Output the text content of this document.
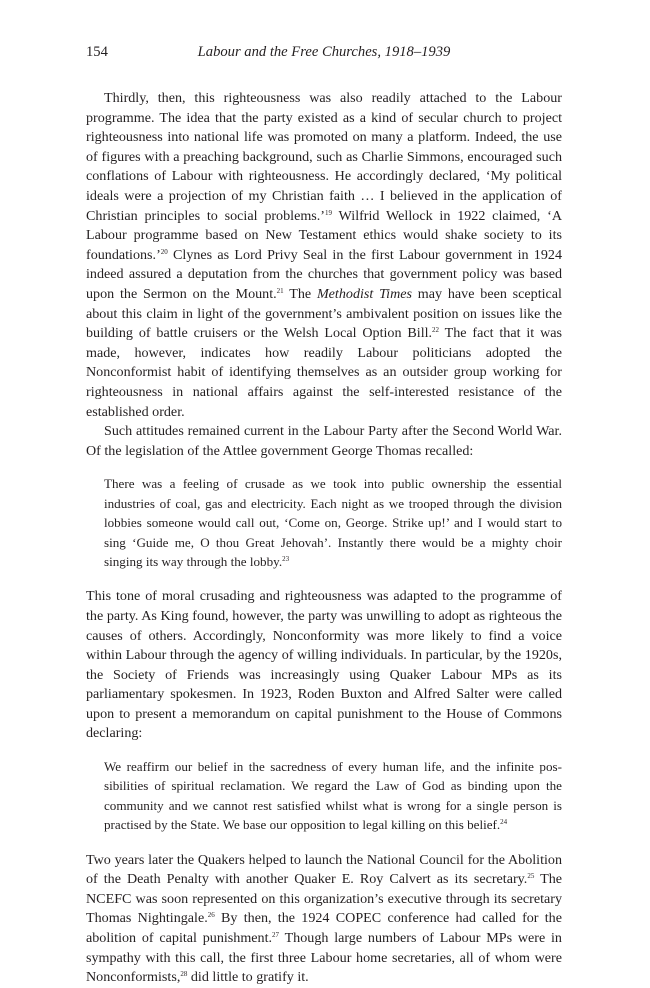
154	Labour and the Free Churches, 1918–1939

Thirdly, then, this righteousness was also readily attached to the Labour programme. The idea that the party existed as a kind of secular church to project righteousness into national life was promoted on many a platform. Indeed, the use of figures with a preaching background, such as Charlie Simmons, encouraged such conflations of Labour with righteousness. He accordingly declared, ‘My political ideals were a projection of my Christian faith … I believed in the application of Christian principles to social problems.’$^{19}$ Wilfrid Wellock in 1922 claimed, ‘A Labour programme based on New Testament ethics would shake society to its foundations.’$^{20}$ Clynes as Lord Privy Seal in the first Labour government in 1924 indeed assured a deputation from the churches that government policy was based upon the Sermon on the Mount.$^{21}$ The Methodist Times may have been sceptical about this claim in light of the government’s ambivalent position on issues like the building of battle cruisers or the Welsh Local Option Bill.$^{22}$ The fact that it was made, however, indicates how readily Labour politicians adopted the Nonconformist habit of identifying themselves as an outsider group working for righteousness in national affairs against the self-interested resistance of the established order.

Such attitudes remained current in the Labour Party after the Second World War. Of the legislation of the Attlee government George Thomas recalled:

There was a feeling of crusade as we took into public ownership the essential industries of coal, gas and electricity. Each night as we trooped through the division lobbies someone would call out, ‘Come on, George. Strike up!’ and I would start to sing ‘Guide me, O thou Great Jehovah’. Instantly there would be a mighty choir singing its way through the lobby.$^{23}$

This tone of moral crusading and righteousness was adapted to the programme of the party. As King found, however, the party was unwilling to adopt as righteous the causes of others. Accordingly, Nonconformity was more likely to find a voice within Labour through the agency of willing individuals. In particular, by the 1920s, the Society of Friends was increasingly using Quaker Labour MPs as its parliamentary spokesmen. In 1923, Roden Buxton and Alfred Salter were called upon to present a memorandum on capital punishment to the House of Commons declaring:

We reaffirm our belief in the sacredness of every human life, and the infinite possibilities of spiritual reclamation. We regard the Law of God as binding upon the community and we cannot rest satisfied whilst what is wrong for a single person is practised by the State. We base our opposition to legal killing on this belief.$^{24}$

Two years later the Quakers helped to launch the National Council for the Abolition of the Death Penalty with another Quaker E. Roy Calvert as its secretary.$^{25}$ The NCEFC was soon represented on this organization’s executive through its secretary Thomas Nightingale.$^{26}$ By then, the 1924 COPEC conference had called for the abolition of capital punishment.$^{27}$ Though large numbers of Labour MPs were in sympathy with this call, the first three Labour home secretaries, all of whom were Nonconformists,$^{28}$ did little to gratify it.
